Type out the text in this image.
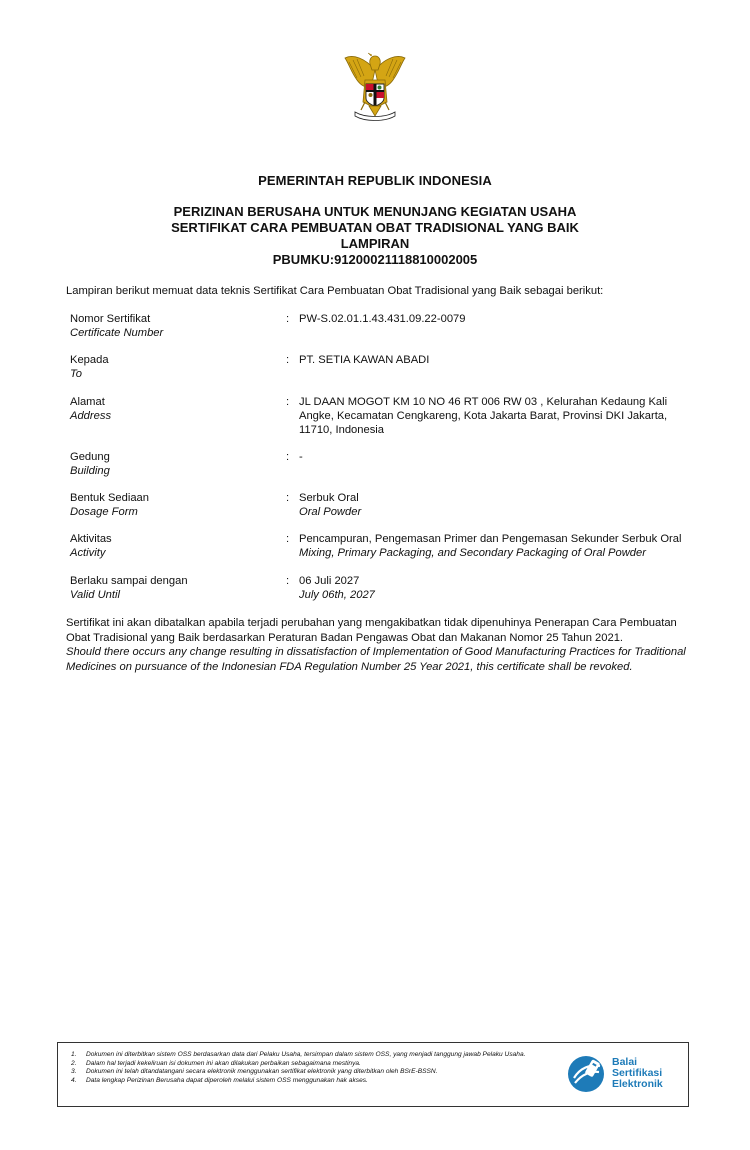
PEMERINTAH REPUBLIK INDONESIA
PERIZINAN BERUSAHA UNTUK MENUNJANG KEGIATAN USAHA
SERTIFIKAT CARA PEMBUATAN OBAT TRADISIONAL YANG BAIK
LAMPIRAN
PBUMKU:91200021118810002005
Lampiran berikut memuat data teknis Sertifikat Cara Pembuatan Obat Tradisional yang Baik sebagai berikut:
Nomor Sertifikat
Certificate Number
: PW-S.02.01.1.43.431.09.22-0079
Kepada
To
: PT. SETIA KAWAN ABADI
Alamat
Address
: JL DAAN MOGOT KM 10 NO 46 RT 006 RW 03 , Kelurahan Kedaung Kali Angke, Kecamatan Cengkareng, Kota Jakarta Barat, Provinsi DKI Jakarta, 11710, Indonesia
Gedung
Building
: -
Bentuk Sediaan
Dosage Form
: Serbuk Oral
Oral Powder
Aktivitas
Activity
: Pencampuran, Pengemasan Primer dan Pengemasan Sekunder Serbuk Oral
Mixing, Primary Packaging, and Secondary Packaging of Oral Powder
Berlaku sampai dengan
Valid Until
: 06 Juli 2027
July 06th, 2027
Sertifikat ini akan dibatalkan apabila terjadi perubahan yang mengakibatkan tidak dipenuhinya Penerapan Cara Pembuatan Obat Tradisional yang Baik berdasarkan Peraturan Badan Pengawas Obat dan Makanan Nomor 25 Tahun 2021.
Should there occurs any change resulting in dissatisfaction of Implementation of Good Manufacturing Practices for Traditional Medicines on pursuance of the Indonesian FDA Regulation Number 25 Year 2021, this certificate shall be revoked.
1. Dokumen ini diterbitkan sistem OSS berdasarkan data dari Pelaku Usaha, tersimpan dalam sistem OSS, yang menjadi tanggung jawab Pelaku Usaha.
2. Dalam hal terjadi kekeliruan isi dokumen ini akan dilakukan perbaikan sebagaimana mestinya.
3. Dokumen ini telah ditandatangani secara elektronik menggunakan sertifikat elektronik yang diterbitkan oleh BSrE-BSSN.
4. Data lengkap Perizinan Berusaha dapat diperoleh melalui sistem OSS menggunakan hak akses.
Balai
Sertifikasi
Elektronik
